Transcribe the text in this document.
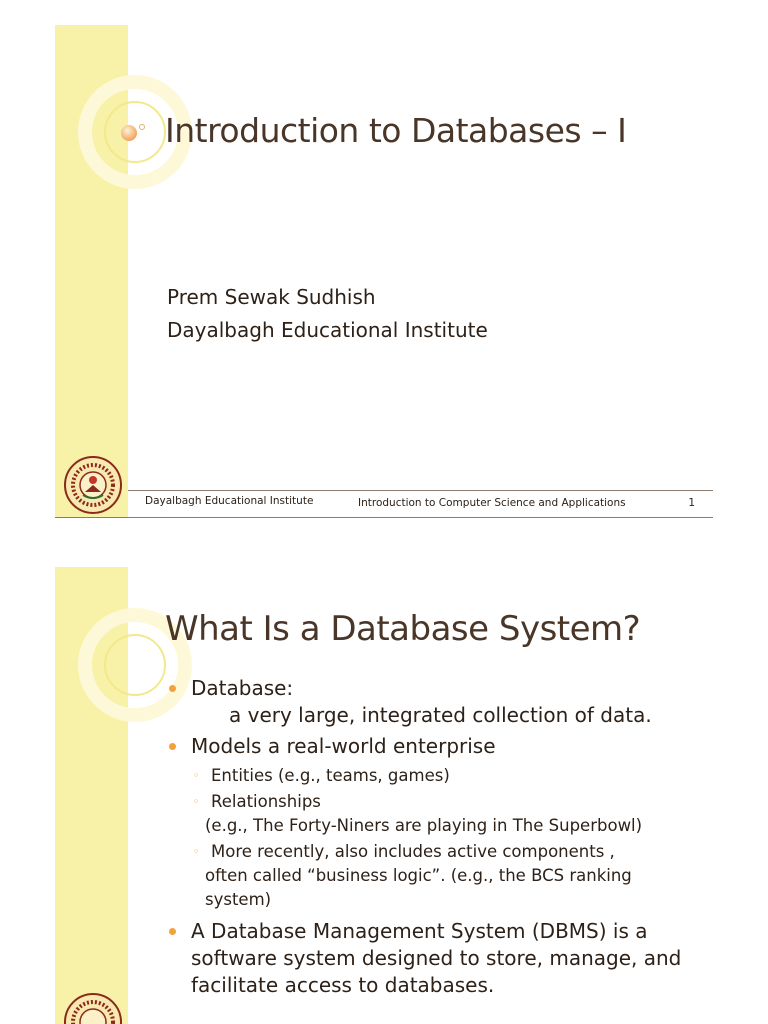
Introduction to Databases – I
Prem Sewak Sudhish
Dayalbagh Educational Institute
Dayalbagh Educational Institute	Introduction to Computer Science and Applications	1
What Is a Database System?
Database:
a very large, integrated collection of data.
Models a real-world enterprise
◦ Entities (e.g., teams, games)
◦ Relationships
(e.g., The Forty-Niners are playing in The Superbowl)
◦ More recently, also includes active components ,
often called “business logic”. (e.g., the BCS ranking
system)
A Database Management System (DBMS) is a
software system designed to store, manage, and
facilitate access to databases.
